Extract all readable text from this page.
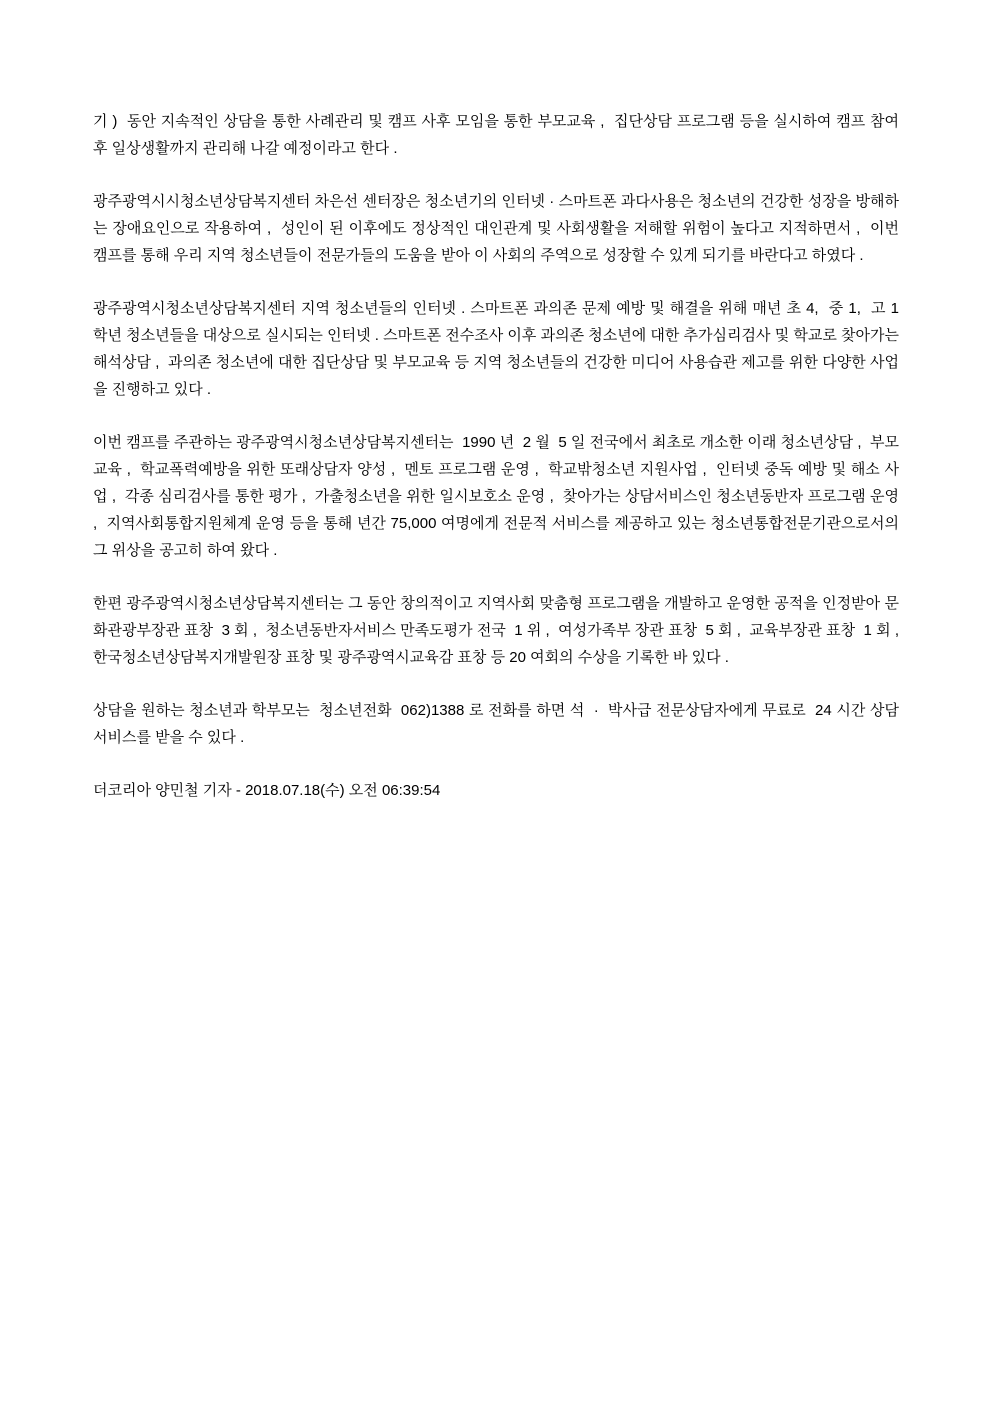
기 )  동안 지속적인 상담을 통한 사례관리 및 캠프 사후 모임을 통한 부모교육 ,  집단상담 프로그램 등을 실시하여 캠프 참여 후 일상생활까지 관리해 나갈 예정이라고 한다 .

광주광역시시청소년상담복지센터 차은선 센터장은 청소년기의 인터넷 · 스마트폰 과다사용은 청소년의 건강한 성장을 방해하는 장애요인으로 작용하여 ,  성인이 된 이후에도 정상적인 대인관계 및 사회생활을 저해할 위험이 높다고 지적하면서 ,  이번 캠프를 통해 우리 지역 청소년들이 전문가들의 도움을 받아 이 사회의 주역으로 성장할 수 있게 되기를 바란다고 하였다 .

광주광역시청소년상담복지센터 지역 청소년들의 인터넷 . 스마트폰 과의존 문제 예방 및 해결을 위해 매년 초 4,  중 1,  고 1 학년 청소년들을 대상으로 실시되는 인터넷 . 스마트폰 전수조사 이후 과의존 청소년에 대한 추가심리검사 및 학교로 찾아가는 해석상담 ,  과의존 청소년에 대한 집단상담 및 부모교육 등 지역 청소년들의 건강한 미디어 사용습관 제고를 위한 다양한 사업을 진행하고 있다 .

이번 캠프를 주관하는 광주광역시청소년상담복지센터는  1990 년  2 월  5 일 전국에서 최초로 개소한 이래 청소년상담 ,  부모교육 ,  학교폭력예방을 위한 또래상담자 양성 ,  멘토 프로그램 운영 ,  학교밖청소년 지원사업 ,  인터넷 중독 예방 및 해소 사업 ,  각종 심리검사를 통한 평가 ,  가출청소년을 위한 일시보호소 운영 ,  찾아가는 상담서비스인 청소년동반자 프로그램 운영 ,  지역사회통합지원체계 운영 등을 통해 년간 75,000 여명에게 전문적 서비스를 제공하고 있는 청소년통합전문기관으로서의 그 위상을 공고히 하여 왔다 .

한편 광주광역시청소년상담복지센터는 그 동안 창의적이고 지역사회 맞춤형 프로그램을 개발하고 운영한 공적을 인정받아 문화관광부장관 표창  3 회 ,  청소년동반자서비스 만족도평가 전국  1 위 ,  여성가족부 장관 표창  5 회 ,  교육부장관 표창  1 회 ,  한국청소년상담복지개발원장 표창 및 광주광역시교육감 표창 등 20 여회의 수상을 기록한 바 있다 .

상담을 원하는 청소년과 학부모는  청소년전화  062)1388 로 전화를 하면 석  ·  박사급 전문상담자에게 무료로  24 시간 상담서비스를 받을 수 있다 .

더코리아 양민철 기자 - 2018.07.18(수) 오전 06:39:54
